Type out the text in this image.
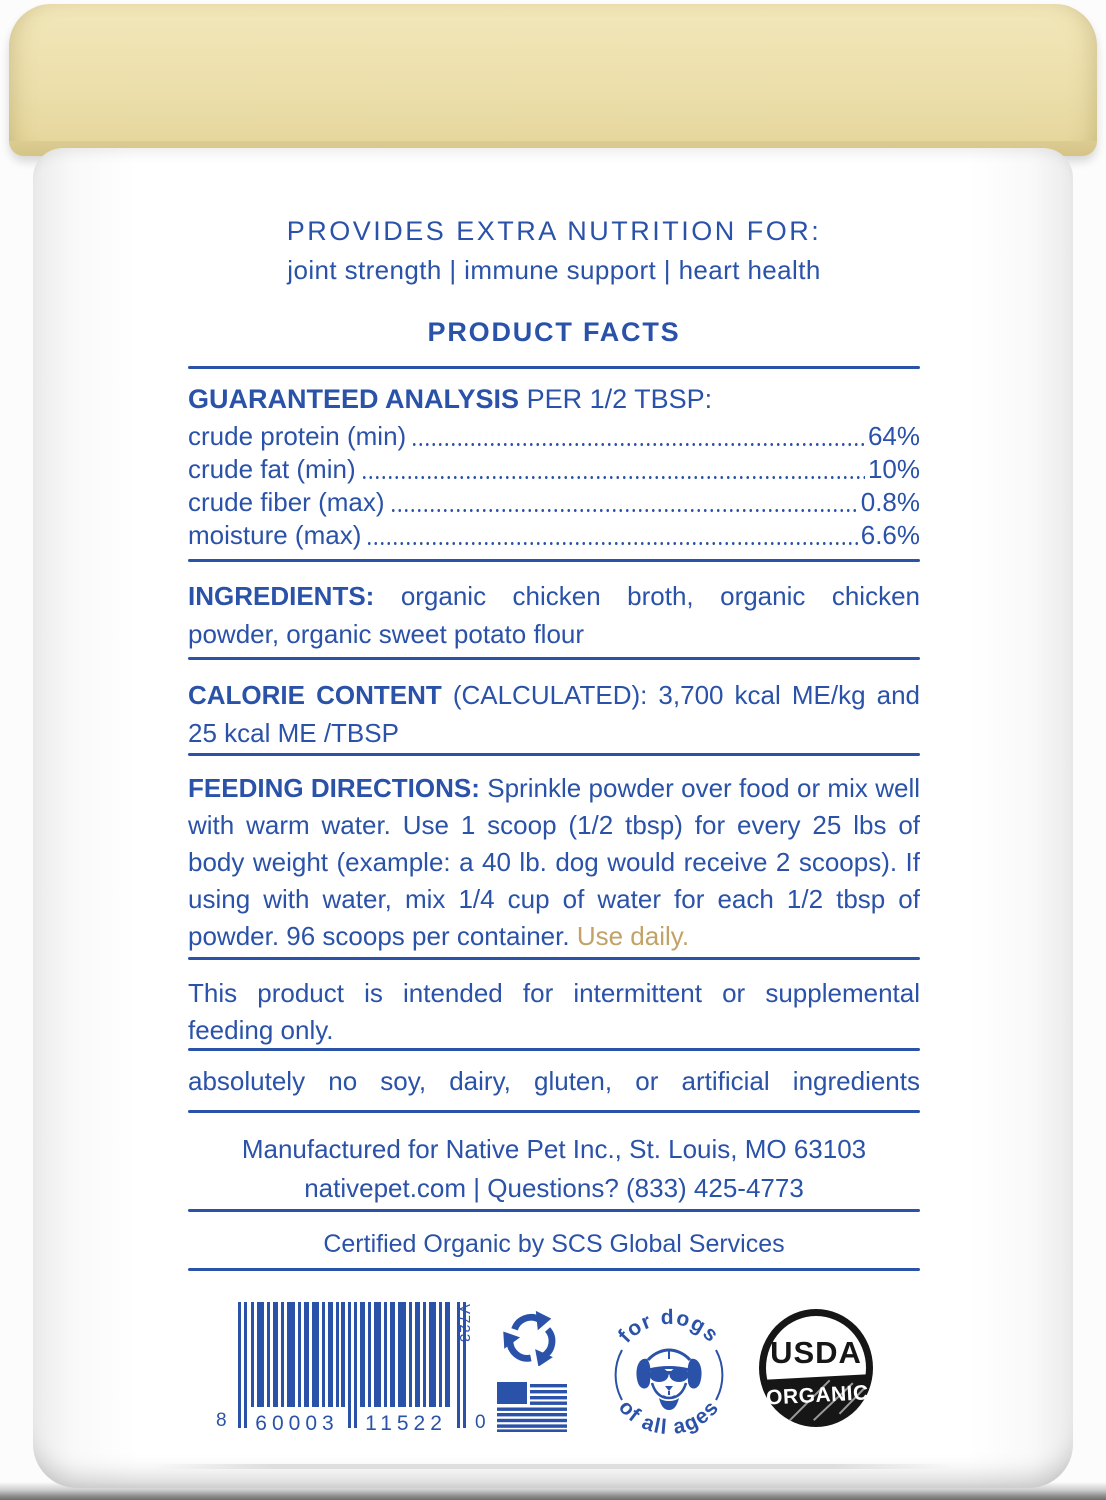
PROVIDES EXTRA NUTRITION FOR:
joint strength | immune support | heart health
PRODUCT FACTS
GUARANTEED ANALYSIS PER 1/2 TBSP:
crude protein (min)	64%
crude fat (min)	10%
crude fiber (max)	0.8%
moisture (max)	6.6%
INGREDIENTS: organic chicken broth, organic chicken powder, organic sweet potato flour
CALORIE CONTENT (CALCULATED): 3,700 kcal ME/kg and 25 kcal ME /TBSP
FEEDING DIRECTIONS: Sprinkle powder over food or mix well with warm water. Use 1 scoop (1/2 tbsp) for every 25 lbs of body weight (example: a 40 lb. dog would receive 2 scoops). If using with water, mix 1/4 cup of water for each 1/2 tbsp of powder. 96 scoops per container. Use daily.
This product is intended for intermittent or supplemental feeding only.
absolutely no soy, dairy, gluten, or artificial ingredients
Manufactured for Native Pet Inc., St. Louis, MO 63103
nativepet.com | Questions? (833) 425-4773
Certified Organic by SCS Global Services
8 60003 11522	0
V723	for dogs
of all ages ORGANIC
USDA
